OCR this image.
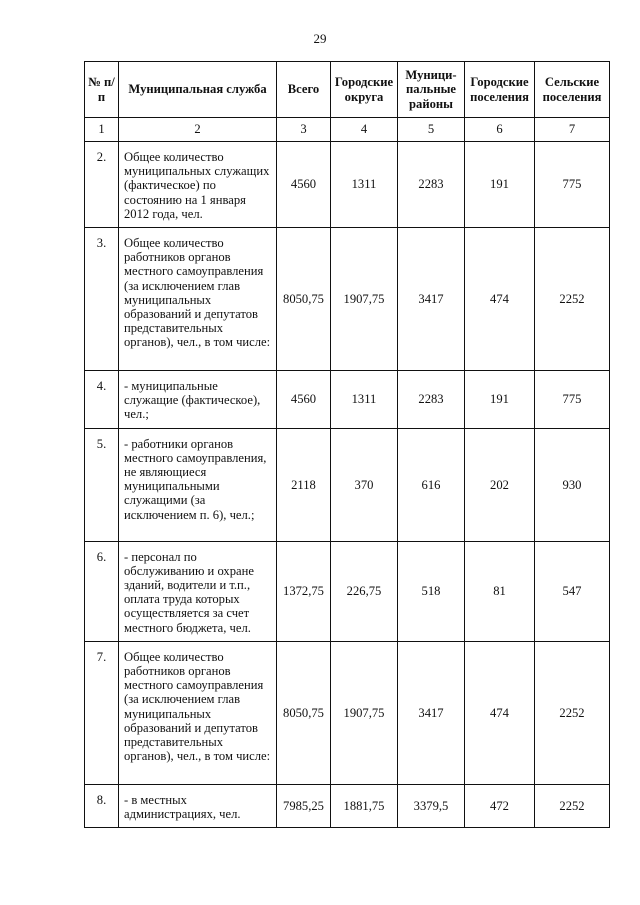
29
№ п/п	Муниципальная служба	Всего	Городские округа	Муници-пальные районы	Городские поселения	Сельские поселения
1	2	3	4	5	6	7
2.	Общее количество муниципальных служащих (фактическое) по состоянию на 1 января 2012 года, чел.	4560	1311	2283	191	775
3.	Общее количество работников органов местного самоуправления (за исключением глав муниципальных образований и депутатов представительных органов), чел., в том числе:	8050,75	1907,75	3417	474	2252
4.	- муниципальные служащие (фактическое), чел.;	4560	1311	2283	191	775
5.	- работники органов местного самоуправления, не являющиеся муниципальными служащими (за исключением п. 6), чел.;	2118	370	616	202	930
6.	- персонал по обслуживанию и охране зданий, водители и т.п., оплата труда которых осуществляется за счет местного бюджета, чел.	1372,75	226,75	518	81	547
7.	Общее количество работников органов местного самоуправления (за исключением глав муниципальных образований и депутатов представительных органов), чел., в том числе:	8050,75	1907,75	3417	474	2252
8.	- в местных администрациях, чел.	7985,25	1881,75	3379,5	472	2252
